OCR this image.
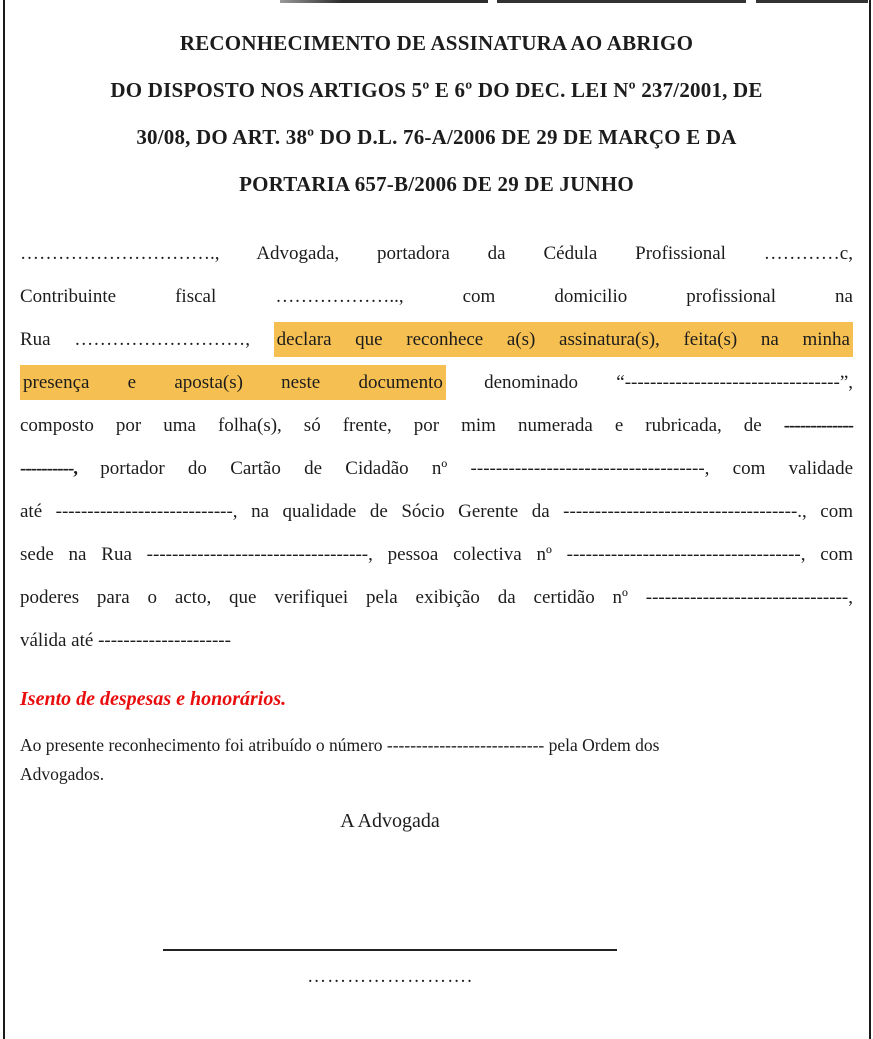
RECONHECIMENTO DE ASSINATURA AO ABRIGO
DO DISPOSTO NOS ARTIGOS 5º E 6º DO DEC. LEI Nº 237/2001, DE
30/08, DO ART. 38º DO D.L. 76-A/2006 DE 29 DE MARÇO E DA
PORTARIA 657-B/2006 DE 29 DE JUNHO
…………………………., Advogada, portadora da Cédula Profissional …………c,
Contribuinte fiscal ……………….., com domicilio profissional na
Rua ………………………, declara que reconhece a(s) assinatura(s), feita(s) na minha
presença e aposta(s) neste documento denominado “----------------------------------”,
composto por uma folha(s), só frente, por mim numerada e rubricada, de -------------
----------, portador do Cartão de Cidadão nº -------------------------------------, com validade
até ----------------------------, na qualidade de Sócio Gerente da -------------------------------------., com
sede na Rua -----------------------------------, pessoa colectiva nº -------------------------------------, com
poderes para o acto, que verifiquei pela exibição da certidão nº --------------------------------,
válida até ---------------------
Isento de despesas e honorários.
Ao presente reconhecimento foi atribuído o número --------------------------- pela Ordem dos
Advogados.
A Advogada
…………………….
